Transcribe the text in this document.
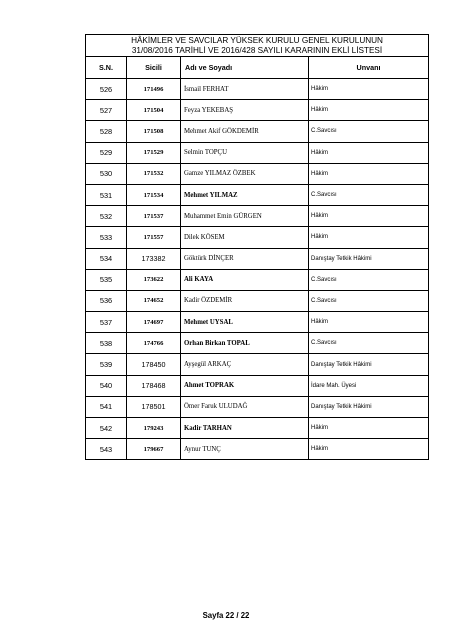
HÂKİMLER VE SAVCILAR YÜKSEK KURULU GENEL KURULUNUN
31/08/2016 TARİHLİ VE 2016/428 SAYILI KARARININ EKLİ LİSTESİ			

S.N.	Sicili	Adı ve Soyadı	Unvanı
526	171496	İsmail FERHAT	Hâkim
527	171504	Feyza YEKEBAŞ	Hâkim
528	171508	Mehmet Akif GÖKDEMİR	C.Savcısı
529	171529	Selmin TOPÇU	Hâkim
530	171532	Gamze YILMAZ ÖZBEK	Hâkim
531	171534	Mehmet YILMAZ	C.Savcısı
532	171537	Muhammet Emin GÜRGEN	Hâkim
533	171557	Dilek KÖSEM	Hâkim
534	173382	Göktürk DİNÇER	Danıştay Tetkik Hâkimi
535	173622	Ali KAYA	C.Savcısı
536	174652	Kadir ÖZDEMİR	C.Savcısı
537	174697	Mehmet UYSAL	Hâkim
538	174766	Orhan Birkan TOPAL	C.Savcısı
539	178450	Ayşegül ARKAÇ	Danıştay Tetkik Hâkimi
540	178468	Ahmet TOPRAK	İdare Mah. Üyesi
541	178501	Ömer Faruk ULUDAĞ	Danıştay Tetkik Hâkimi
542	179243	Kadir TARHAN	Hâkim
543	179667	Aynur TUNÇ	Hâkim
Sayfa 22 / 22
